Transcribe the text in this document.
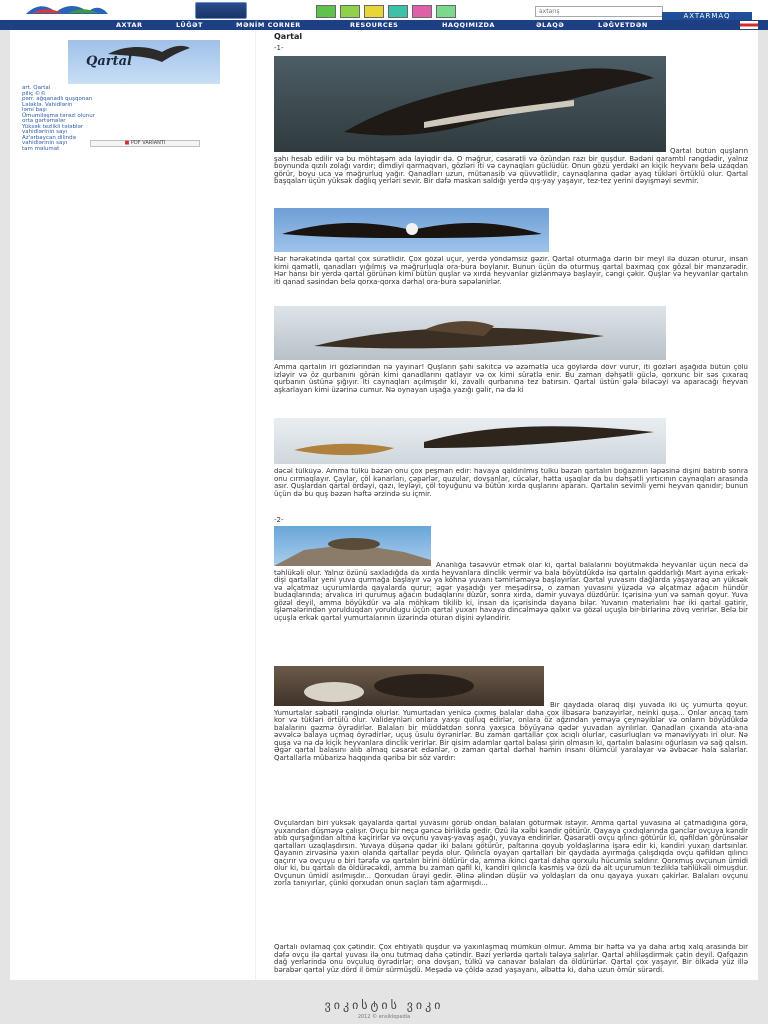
axtarış
AXTARMAQ
AXTAR	LÜĞƏT	MƏNİM CORNER	RESOURCES	HAQQIMIZDA	ƏLAQƏ	LƏĞVETDƏN
Qartal
art. Qartal
piliç ©©
pərr. ağqanadlı quşqonan
Lələklə. Vahidlərin
ləmi başı
Ümumiləşmə tərəzi olunur
orta gərtəmələr
Yüksək tezlikli tələblər
vahidlərinin sayı
Az'ərbaycan dilində
vahidlərinin sayı
tam məlumat
■ PDF VARİANTI
Qartal
-1-
Qartal bütün quşların şahı hesab edilir və bu möhtəşəm ada layiqdir də. O məğrur, cəsarətli və özündən razı bir quşdur. Bədəni qaramtıl rəngdədir, yalnız boynunda qızılı zolağı vardır; dimdiyi qarmaqvari, gözləri iti və caynaqları güclüdür. Onun gözü yerdəki ən kiçik heyvanı belə uzaqdan görür, boyu uca və məğrurluq yağır. Qanadları uzun, mütənasib və qüvvətlidir, caynaqlarına qədər ayaq tükləri örtüklü olur. Qartal başqaları üçün yüksək dağlıq yerləri sevir. Bir dəfə məskən saldığı yerdə qış-yay yaşayır, tez-tez yerini dəyişməyi sevmir.
Hər hərəkətində qartal çox sürətlidir. Çox gözəl uçur, yerdə yöndəmsiz gəzir. Qartal oturmağa dərin bir meyl ilə düzən oturur, insan kimi qamətli, qanadları yığılmış və məğrurluqla ora-bura boylanır. Bunun üçün də oturmuş qartal baxmaq çox gözəl bir mənzərədir. Hər hansı bir yerdə qartal görünən kimi bütün quşlar və xırda heyvanlar gizlənməyə başlayır, cəngi çəkir. Quşlar və heyvanlar qartalın iti qanad səsindən belə qorxa-qorxa dərhal ora-bura səpələnirlər.
Amma qartalın iri gözlərindən nə yayınar! Quşların şahı sakitcə və əzəmətlə uca göylərdə dövr vurur, iti gözləri aşağıda bütün çölü izləyir və öz qurbanını görən kimi qanadlarını qatlayır və ox kimi sürətlə enir. Bu zaman dəhşətli güclə, qorxunc bir səs çıxaraq qurbanın üstünə şığıyır. İti caynaqları açılmışdır ki, zavallı qurbanına tez batırsın. Qartal üstün gələ biləcəyi və aparacağı heyvan aşkarlayan kimi üzərinə cumur. Nə oynayan uşağa yazığı gəlir, nə də ki
dəcəl tülküyə. Amma tülkü bəzən onu çox peşman edir: havaya qaldırılmış tülkü bəzən qartalın boğazının ləpəsinə dişini batırıb sonra onu cırmaqlayır. Çaylar, çöl kənarları, çəpərlər, quzular, dovşanlar, cücələr, hətta uşaqlar da bu dəhşətli yırtıcının caynaqları arasında asır. Quşlardan qartal ördəyi, qazı, leyləyi, çöl toyuğunu və bütün xırda quşlarını apararı. Qartalın sevimli yemi heyvan qanıdır; bunun üçün də bu quş bəzən həftə ərzində su içmir.
-2-
Ananlığa təsəvvür etmək olar ki, qartal balalarını böyütməkdə heyvanlar üçün necə də təhlükəli olur. Yalnız özünü saxladığda da xırda heyvanlara dinclik vermir və bala böyütdükdə isə qartalın qəddarlığı Mart ayına erkək-dişi qartallar yeni yuva qurmağa başlayır və ya köhnə yuvanı təmirləməyə başlayırlar. Qartal yuvasını dağlarda yaşayaraq ən yüksək və əlçatmaz uçurumlarda qayalarda qurur; əgər yaşadığı yer meşədirsə, o zaman yuvasını yüzədə və əlçatmaz ağacın hündür budaqlarında; arvalıca iri qurumuş ağacın budaqlarını düzür, sonra xırda, dəmir yuvaya düzdürür. İçərisinə yun və saman qoyur. Yuva gözəl deyil, amma böyükdür və əla möhkəm tikilib ki, insan da içərisində dayana bilər. Yuvanın materialını hər iki qartal gətirir, işləmələrindən yorulduqdan yoruldugu üçün qartal yuxarı havaya dincəlməyə qalxır və gözəl uçuşla bir-birlərinə zövq verirlər. Belə bir uçuşla erkək qartal yumurtalarının üzərində oturan dişini əyləndirir.
Bir qaydada olaraq dişi yuvada iki üç yumurta qoyur. Yumurtalar səbətil rəngində olurlar. Yumurtadan yenicə çıxmış balalar daha çox ilbəsərə bənzəyirlər, neinki quşa... Onlar ancaq tam kor və tükləri örtülü olur. Valideynləri onlara yaxşı qulluq edirlər, onlara öz ağzından yeməyə çeynəyiblər və onların böyüdükdə balalarını gəzmə öyrədirlər. Balaları bir müddətdən sonra yaxşıca böyüyənə qədər yuvadan ayrılırlar. Qanadları çıxanda ata-ana əvvəlcə balaya uçmaq öyrədirlər, uçuş üsulu öyrənirlər. Bu zaman qartallar çox acıqlı olurlar, cəsurluqları və mənəviyyatı iri olur. Nə quşa və nə də kiçik heyvanlara dinclik verirlər. Bir qisim adamlar qartal balası şirin olmasın ki, qartalın balasını oğurlasın və sağ qalsın. Əgər qartal balasını alıb almaq cəsarət edənlər, o zaman qartal dərhal həmin insanı ölümcül yaralayar və əvbəcər hala salarlar. Qartallarla mübarizə haqqında qəribə bir söz vardır:
Ovçulardan biri yüksək qayalarda qartal yuvasını görüb ondan balaları götürmək istəyir. Amma qartal yuvasına əl çatmadığına görə, yuxarıdan düşməyə çalışır. Ovçu bir neçə gəncə birlikdə gedir. Özü ilə xəlbi kəndir götürür. Qayaya çıxdıqlarında gənclər ovçuya kəndir atıb qurşağından altına kəçirirlər və ovçunu yavaş-yavaş aşağı, yuvaya endirirlər. Qəsarətli ovçu qılıncı götürür ki, qəfildən görünsələr qartalları uzaqlaşdırsın. Yuvaya düşənə qədər iki balanı götürür, paltarına qoyub yoldaşlarına işarə edir ki, kəndiri yuxarı dartsınlar. Qayanın zirvəsinə yaxın olanda qartallar peyda olur. Qılıncla oyayan qartalları bir qaydada ayırmağa çalışdıqda ovçu qəfildən qılıncı qaçırır və ovçuyu o biri tərəfə və qartalın birini öldürür də, amma ikinci qartal daha qorxulu hücumla saldırır. Qorxmuş ovçunun ümidi olur ki, bu qartalı da öldürəcəkdi, amma bu zaman qəfil ki, kəndiri qılıncla kəsmiş və özü də alt uçurumun tezliklə təhlükəli olmuşdur. Ovçunun ümidi asılmışdır... Qorxudan ürəyi gedir. Əlinə əlindən düşür və yoldaşları da onu qayaya yuxarı çəkirlər. Balaları ovçunu zorla tanıyırlar, çünki qorxudan onun saçları tam ağarmışdı...
Qartalı ovlamaq çox çətindir. Çox ehtiyatlı quşdur və yaxınlaşmaq mümkün olmur. Amma bir həftə və ya daha artıq xalq arasında bir dəfə ovçu ilə qartal yuvası ilə onu tutmaq daha çətindir. Bəzi yerlərdə qartalı tələyə salırlar. Qartal əhliləşdirmək çətin deyil. Qafqazın dağ yerlərində onu ovçuluq öyrədirlər; ona dovşan, tülkü və canavar balaları da öldürürlər. Qartal çox yaşayır. Bir ölkədə yüz illə bərabər qartal yüz dörd il ömür sürmüşdü. Meşədə və çöldə azad yaşayanı, əlbəttə ki, daha uzun ömür sürərdi.
ვიკისტის ვიკი
2012 © ensiklopedia
